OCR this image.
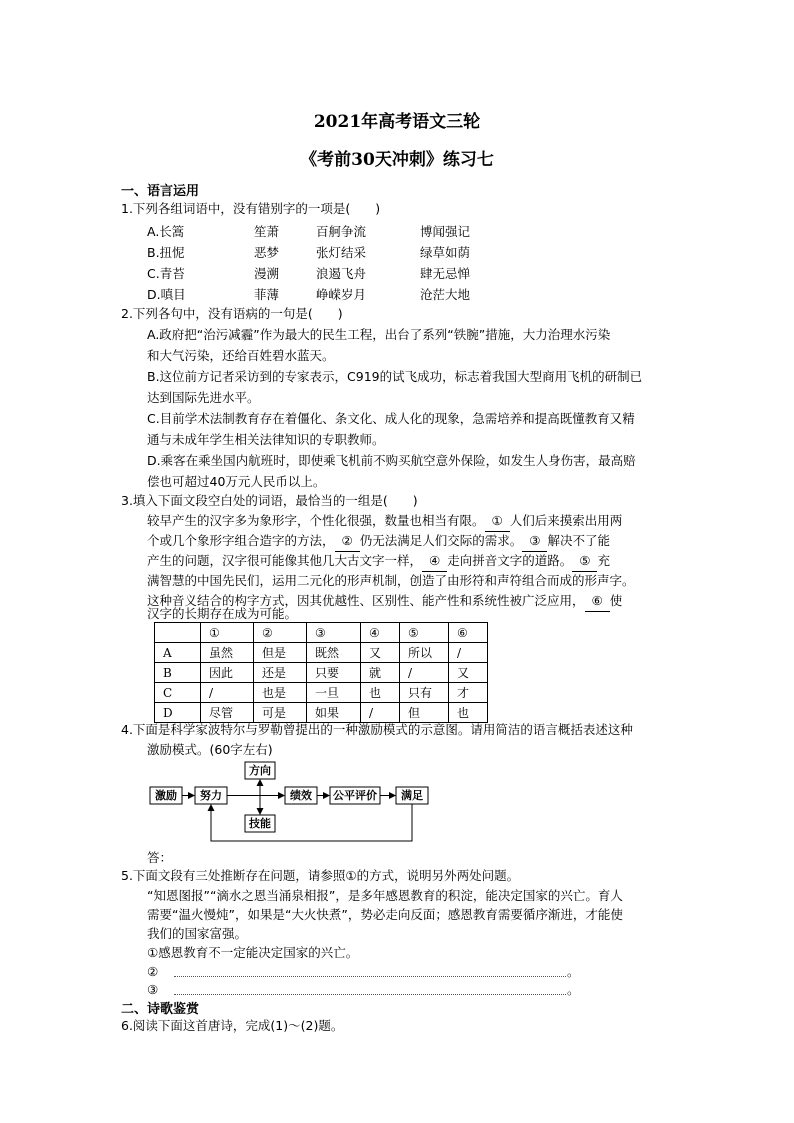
2021年高考语文三轮
《考前30天冲刺》练习七
一、语言运用
1.下列各组词语中，没有错别字的一项是(　　)
A.长篙	笙萧	百舸争流	博闻强记
B.扭怩	恶梦	张灯结采	绿草如荫
C.青苔	漫溯	浪遏飞舟	肆无忌惮
D.嗔目	菲薄	峥嵘岁月	沧茫大地
2.下列各句中，没有语病的一句是(　　)
A.政府把“治污减霾”作为最大的民生工程，出台了系列“铁腕”措施，大力治理水污染
和大气污染，还给百姓碧水蓝天。
B.这位前方记者采访到的专家表示，C919的试飞成功，标志着我国大型商用飞机的研制已
达到国际先进水平。
C.目前学术法制教育存在着僵化、条文化、成人化的现象，急需培养和提高既懂教育又精
通与未成年学生相关法律知识的专职教师。
D.乘客在乘坐国内航班时，即使乘飞机前不购买航空意外保险，如发生人身伤害，最高赔
偿也可超过40万元人民币以上。
3.填入下面文段空白处的词语，最恰当的一组是(　　)
较早产生的汉字多为象形字，个性化很强，数量也相当有限。 ① 人们后来摸索出用两
个或几个象形字组合造字的方法， ② 仍无法满足人们交际的需求。 ③ 解决不了能
产生的问题，汉字很可能像其他几大古文字一样， ④ 走向拼音文字的道路。 ⑤ 充
满智慧的中国先民们，运用二元化的形声机制，创造了由形符和声符组合而成的形声字。
这种音义结合的构字方式，因其优越性、区别性、能产性和系统性被广泛应用， ⑥ 使
汉字的长期存在成为可能。
	①	②	③	④	⑤	⑥
A	虽然	但是	既然	又	所以	/
B	因此	还是	只要	就	/	又
C	/	也是	一旦	也	只有	才
D	尽管	可是	如果	/	但	也
4.下面是科学家波特尔与罗勒曾提出的一种激励模式的示意图。请用简洁的语言概括表述这种
激励模式。(60字左右)
激励 努力
方向
技能
绩效 公平评价 满足
答：
5.下面文段有三处推断存在问题，请参照①的方式，说明另外两处问题。
“知恩图报”“滴水之恩当涌泉相报”，是多年感恩教育的积淀，能决定国家的兴亡。育人
需要“温火慢炖”，如果是“大火快煮”，势必走向反面；感恩教育需要循序渐进，才能使
我们的国家富强。
①感恩教育不一定能决定国家的兴亡。
②	。
③	。
二、诗歌鉴赏
6.阅读下面这首唐诗，完成(1)～(2)题。
